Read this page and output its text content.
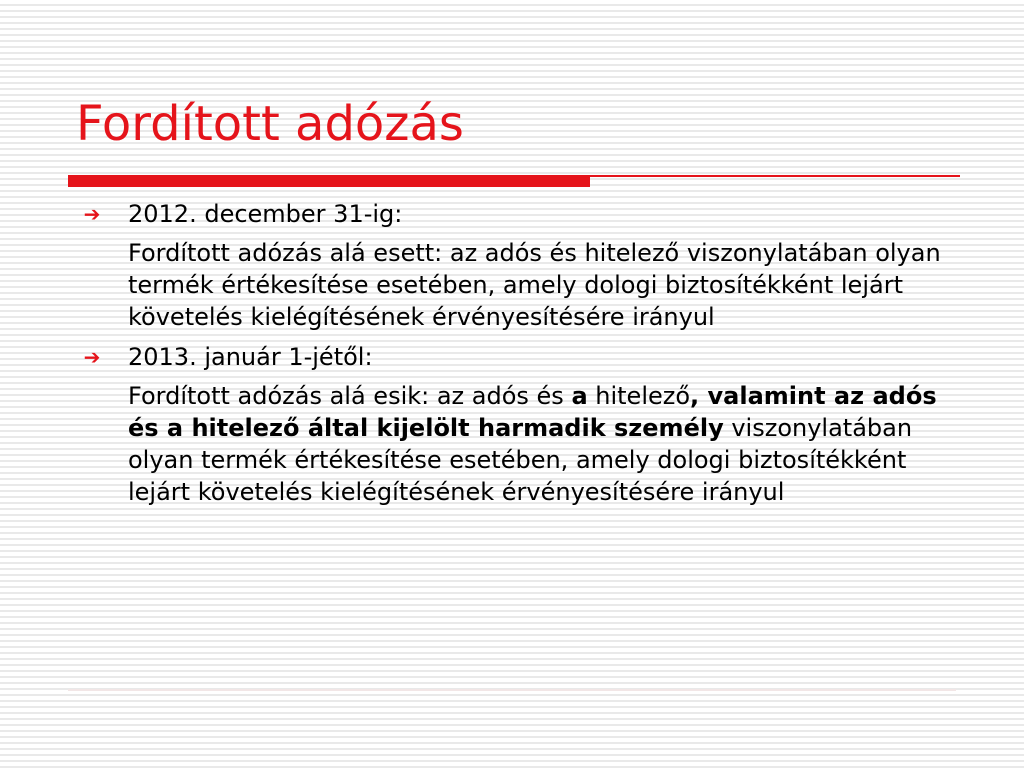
Fordított adózás
➔ 2012. december 31-ig:

Fordított adózás alá esett: az adós és hitelező viszonylatában olyan termék értékesítése esetében, amely dologi biztosítékként lejárt követelés kielégítésének érvényesítésére irányul

➔ 2013. január 1-jétől:

Fordított adózás alá esik: az adós és a hitelező, valamint az adós és a hitelező által kijelölt harmadik személy viszonylatában olyan termék értékesítése esetében, amely dologi biztosítékként lejárt követelés kielégítésének érvényesítésére irányul
